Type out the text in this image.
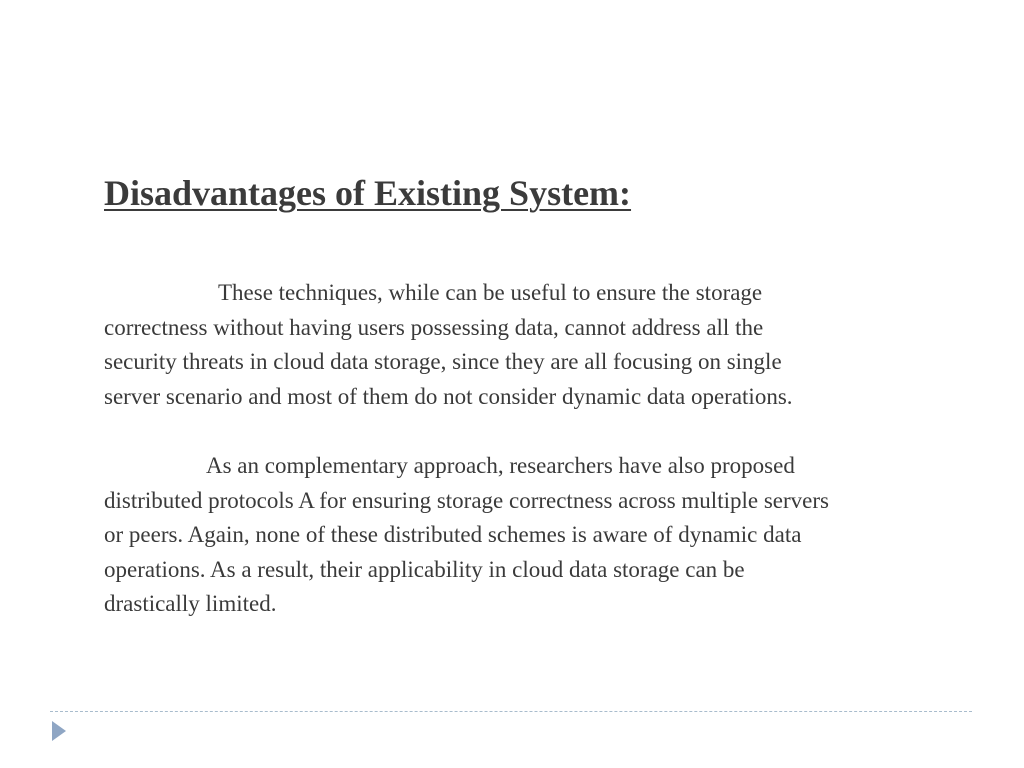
Disadvantages of Existing System:

These techniques, while can be useful to ensure the storage
correctness without having users possessing data, cannot address all the
security threats in cloud data storage, since they are all focusing on single
server scenario and most of them do not consider dynamic data operations.

As an complementary approach, researchers have also proposed
distributed protocols A for ensuring storage correctness across multiple servers
or peers. Again, none of these distributed schemes is aware of dynamic data
operations. As a result, their applicability in cloud data storage can be
drastically limited.
